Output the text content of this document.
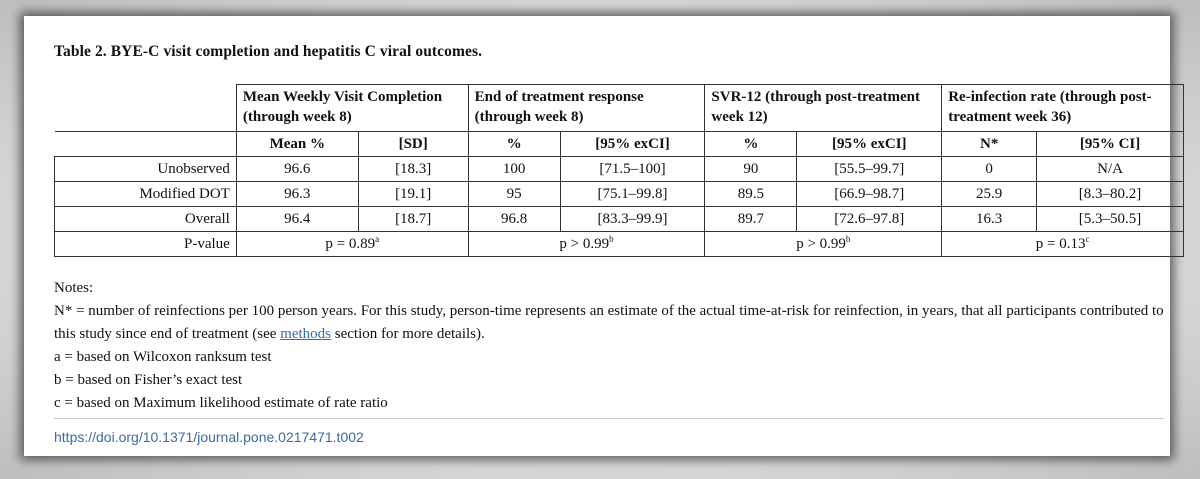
Table 2. BYE-C visit completion and hepatitis C viral outcomes.
	Mean Weekly Visit Completion (through week 8)		End of treatment response (through week 8)		SVR-12 (through post-treatment week 12)		Re-infection rate (through post-treatment week 36)	
	Mean %	[SD]	%	[95% exCI]	%	[95% exCI]	N*	[95% CI]
Unobserved	96.6	[18.3]	100	[71.5–100]	90	[55.5–99.7]	0	N/A
Modified DOT	96.3	[19.1]	95	[75.1–99.8]	89.5	[66.9–98.7]	25.9	[8.3–80.2]
Overall	96.4	[18.7]	96.8	[83.3–99.9]	89.7	[72.6–97.8]	16.3	[5.3–50.5]
P-value	p = 0.89$^a$		p > 0.99$^b$		p > 0.99$^b$		p = 0.13$^c$
Notes:
N* = number of reinfections per 100 person years. For this study, person-time represents an estimate of the actual time-at-risk for reinfection, in years, that all participants contributed to this study since end of treatment (see methods section for more details).
a = based on Wilcoxon ranksum test
b = based on Fisher’s exact test
c = based on Maximum likelihood estimate of rate ratio
https://doi.org/10.1371/journal.pone.0217471.t002
